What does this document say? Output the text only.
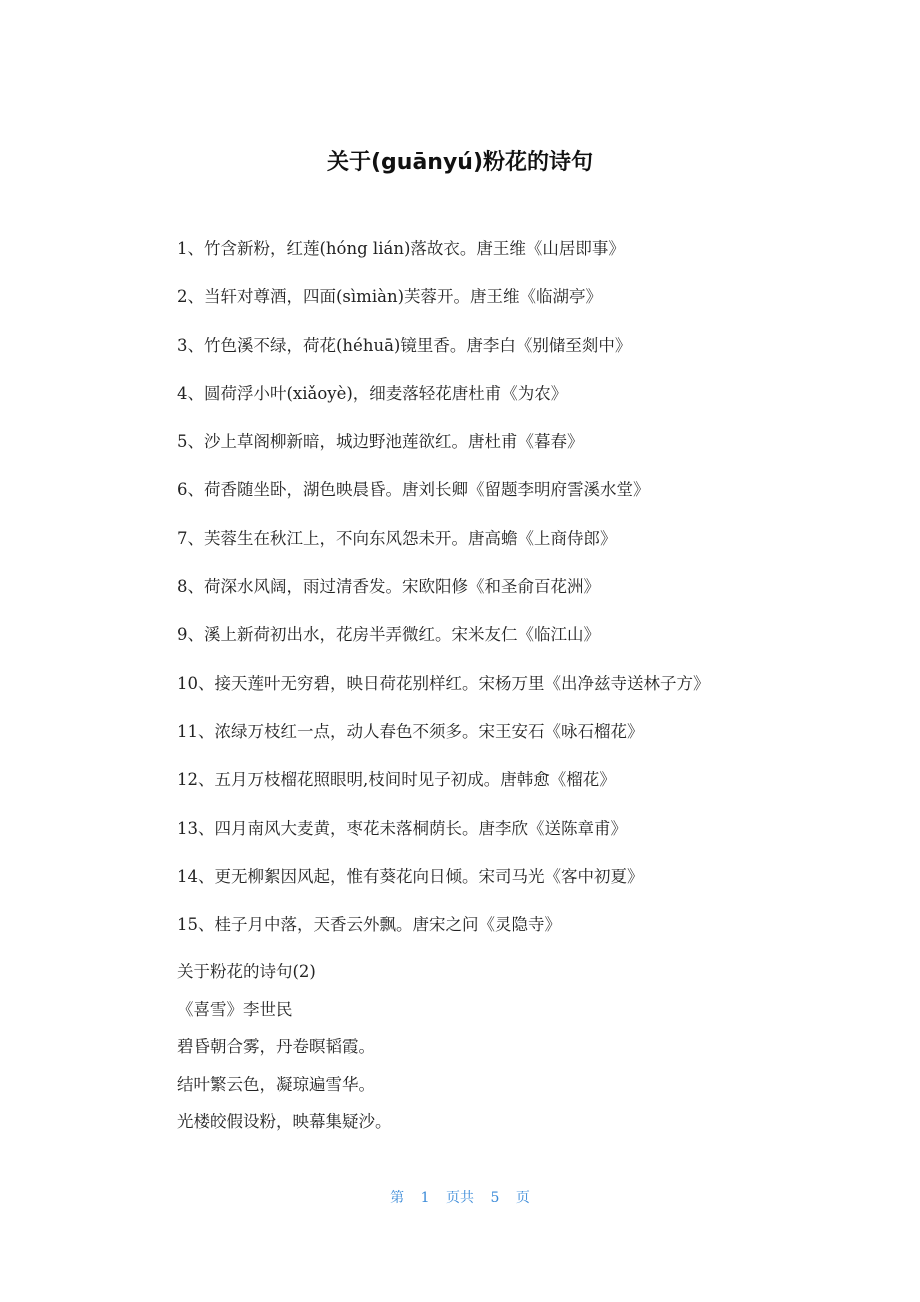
关于(guānyú)粉花的诗句
1、竹含新粉，红莲(hóng lián)落故衣。唐王维《山居即事》
2、当轩对尊酒，四面(sìmiàn)芙蓉开。唐王维《临湖亭》
3、竹色溪不绿，荷花(héhuā)镜里香。唐李白《别储至剡中》
4、圆荷浮小叶(xiǎoyè)，细麦落轻花唐杜甫《为农》
5、沙上草阁柳新暗，城边野池莲欲红。唐杜甫《暮春》
6、荷香随坐卧，湖色映晨昏。唐刘长卿《留题李明府霅溪水堂》
7、芙蓉生在秋江上，不向东风怨未开。唐高蟾《上商侍郎》
8、荷深水风阔，雨过清香发。宋欧阳修《和圣俞百花洲》
9、溪上新荷初出水，花房半弄微红。宋米友仁《临江山》
10、接天莲叶无穷碧，映日荷花别样红。宋杨万里《出净兹寺送林子方》
11、浓绿万枝红一点，动人春色不须多。宋王安石《咏石榴花》
12、五月万枝榴花照眼明,枝间时见子初成。唐韩愈《榴花》
13、四月南风大麦黄，枣花未落桐荫长。唐李欣《送陈章甫》
14、更无柳絮因风起，惟有葵花向日倾。宋司马光《客中初夏》
15、桂子月中落，天香云外飘。唐宋之问《灵隐寺》
关于粉花的诗句(2)
《喜雪》李世民
碧昏朝合雾，丹卷暝韬霞。
结叶繁云色，凝琼遍雪华。
光楼皎假设粉，映幕集疑沙。
第 1 页共 5 页
